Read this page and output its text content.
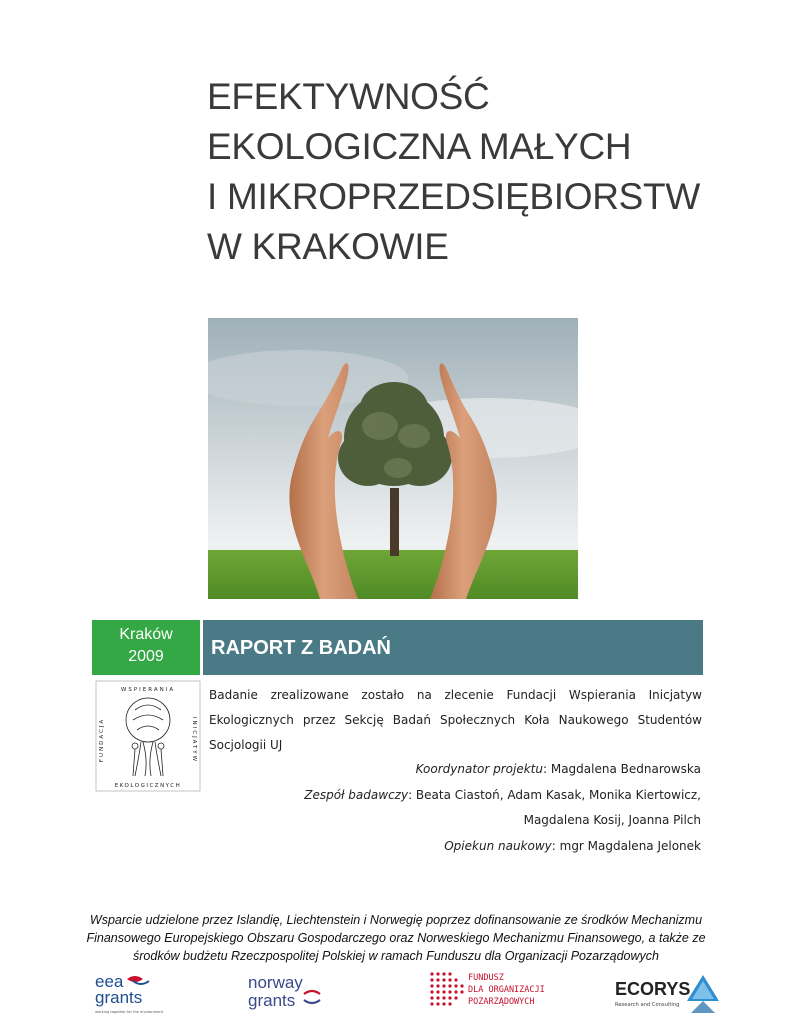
EFEKTYWNOŚĆ
EKOLOGICZNA MAŁYCH
I MIKROPRZEDSIĘBIORSTW
W KRAKOWIE
Kraków
2009	RAPORT Z BADAŃ
WSPIERANIA
EKOLOGICZNYCH
FUNDACJA	INICJATYW
Badanie zrealizowane zostało na zlecenie Fundacji Wspierania Inicjatyw Ekologicznych przez Sekcję Badań Społecznych Koła Naukowego Studentów Socjologii UJ
Koordynator projektu: Magdalena Bednarowska
Zespół badawczy: Beata Ciastoń, Adam Kasak, Monika Kiertowicz,
Magdalena Kosij, Joanna Pilch
Opiekun naukowy: mgr Magdalena Jelonek
Wsparcie udzielone przez Islandię, Liechtenstein i Norwegię poprzez dofinansowanie ze środków Mechanizmu Finansowego Europejskiego Obszaru Gospodarczego oraz Norweskiego Mechanizmu Finansowego, a także ze środków budżetu Rzeczpospolitej Polskiej w ramach Funduszu dla Organizacji Pozarządowych
eea
grants
working together for the environment
norway
grants
FUNDUSZ
DLA ORGANIZACJI
POZARZĄDOWYCH
ECORYS
Research and Consulting
